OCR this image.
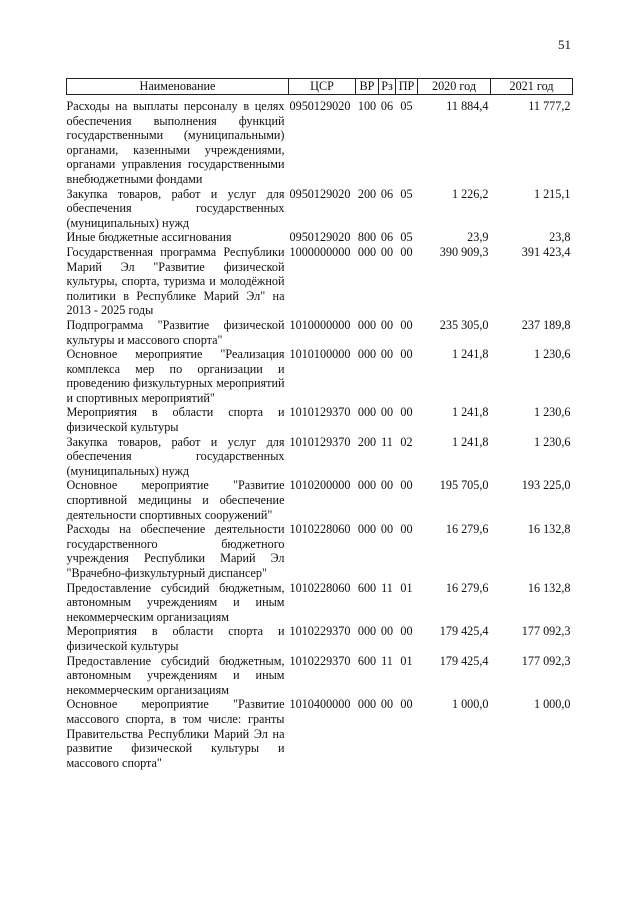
51
Наименование	ЦСР	ВР	Рз	ПР	2020 год	2021 год
Расходы на выплаты персоналу в целях обеспечения выполнения функций государственными (муниципальными) органами, казенными учреждениями, органами управления государственными внебюджетными фондами	0950129020	100	06	05	11 884,4	11 777,2
Закупка товаров, работ и услуг для обеспечения государственных (муниципальных) нужд	0950129020	200	06	05	1 226,2	1 215,1
Иные бюджетные ассигнования	0950129020	800	06	05	23,9	23,8
Государственная программа Республики Марий Эл "Развитие физической культуры, спорта, туризма и молодёжной политики в Республике Марий Эл" на 2013 - 2025 годы	1000000000	000	00	00	390 909,3	391 423,4
Подпрограмма "Развитие физической культуры и массового спорта"	1010000000	000	00	00	235 305,0	237 189,8
Основное мероприятие "Реализация комплекса мер по организации и проведению физкультурных мероприятий и спортивных мероприятий"	1010100000	000	00	00	1 241,8	1 230,6
Мероприятия в области спорта и физической культуры	1010129370	000	00	00	1 241,8	1 230,6
Закупка товаров, работ и услуг для обеспечения государственных (муниципальных) нужд	1010129370	200	11	02	1 241,8	1 230,6
Основное мероприятие "Развитие спортивной медицины и обеспечение деятельности спортивных сооружений"	1010200000	000	00	00	195 705,0	193 225,0
Расходы на обеспечение деятельности государственного бюджетного учреждения Республики Марий Эл "Врачебно-физкультурный диспансер"	1010228060	000	00	00	16 279,6	16 132,8
Предоставление субсидий бюджетным, автономным учреждениям и иным некоммерческим организациям	1010228060	600	11	01	16 279,6	16 132,8
Мероприятия в области спорта и физической культуры	1010229370	000	00	00	179 425,4	177 092,3
Предоставление субсидий бюджетным, автономным учреждениям и иным некоммерческим организациям	1010229370	600	11	01	179 425,4	177 092,3
Основное мероприятие "Развитие массового спорта, в том числе: гранты Правительства Республики Марий Эл на развитие физической культуры и массового спорта"	1010400000	000	00	00	1 000,0	1 000,0
